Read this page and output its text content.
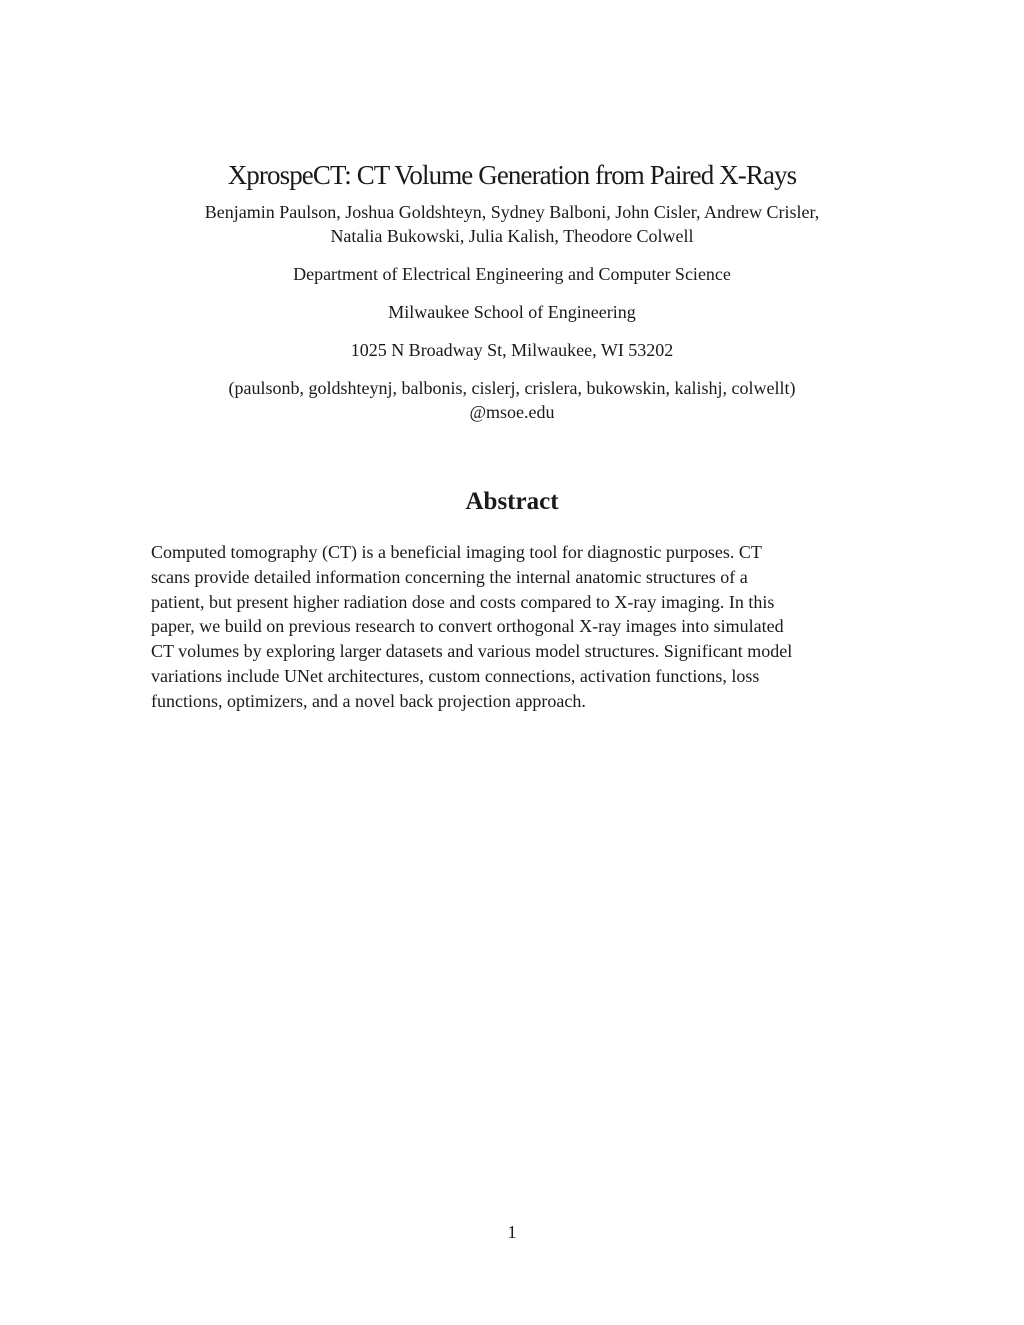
XprospeCT: CT Volume Generation from Paired X-Rays

Benjamin Paulson, Joshua Goldshteyn, Sydney Balboni, John Cisler, Andrew Crisler,
Natalia Bukowski, Julia Kalish, Theodore Colwell

Department of Electrical Engineering and Computer Science

Milwaukee School of Engineering

1025 N Broadway St, Milwaukee, WI 53202

(paulsonb, goldshteynj, balbonis, cislerj, crislera, bukowskin, kalishj, colwellt)
@msoe.edu

Abstract

Computed tomography (CT) is a beneficial imaging tool for diagnostic purposes. CT
scans provide detailed information concerning the internal anatomic structures of a
patient, but present higher radiation dose and costs compared to X-ray imaging. In this
paper, we build on previous research to convert orthogonal X-ray images into simulated
CT volumes by exploring larger datasets and various model structures. Significant model
variations include UNet architectures, custom connections, activation functions, loss
functions, optimizers, and a novel back projection approach.

1
